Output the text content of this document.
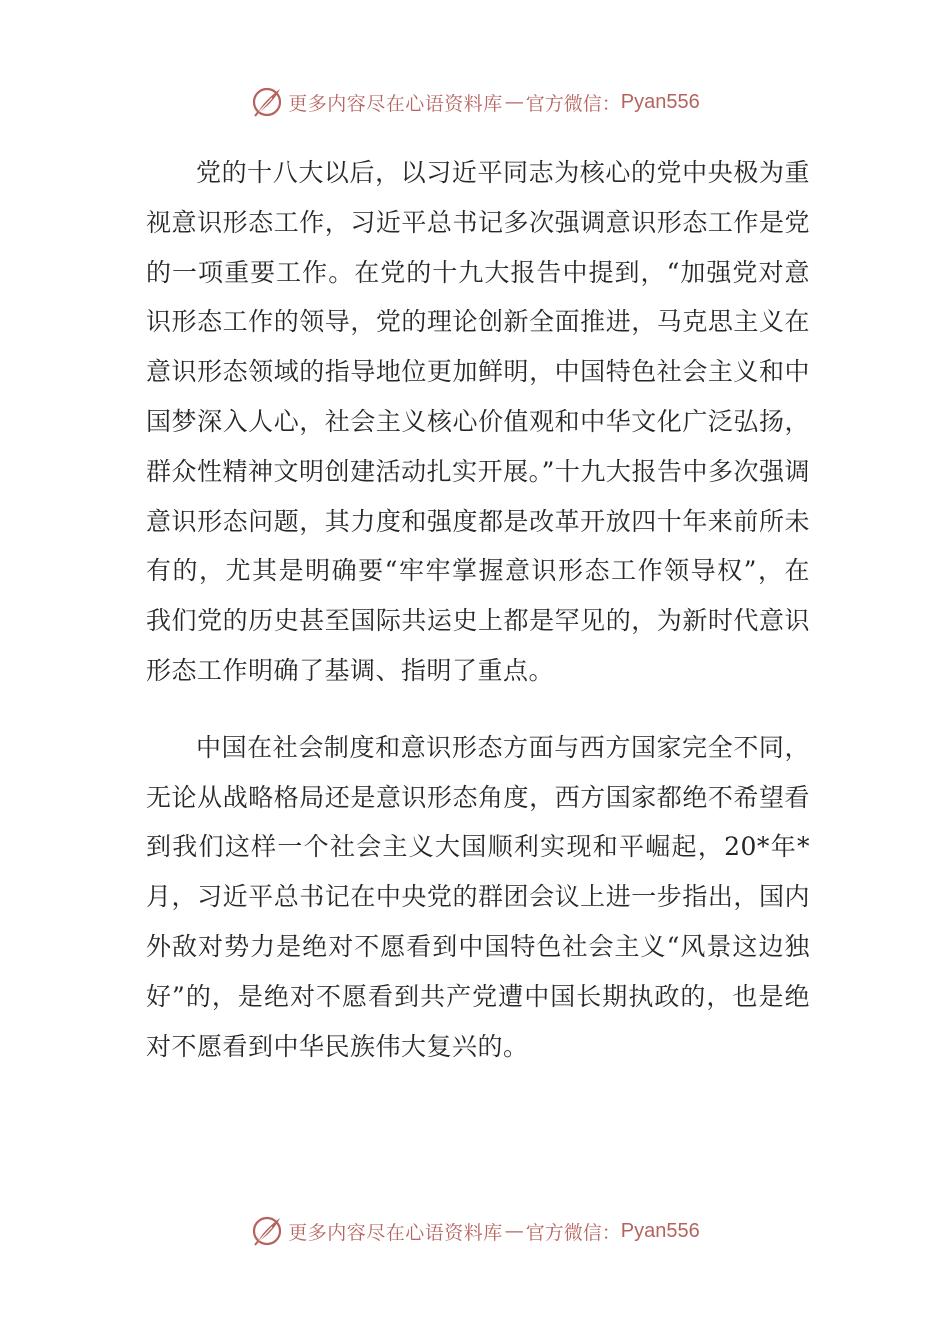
更多内容尽在心语资料库 — 官方微信： Pyan556

党的十八大以后，以习近平同志为核心的党中央极为重视意识形态工作，习近平总书记多次强调意识形态工作是党的一项重要工作。在党的十九大报告中提到，“加强党对意识形态工作的领导，党的理论创新全面推进，马克思主义在意识形态领域的指导地位更加鲜明，中国特色社会主义和中国梦深入人心，社会主义核心价值观和中华文化广泛弘扬，群众性精神文明创建活动扎实开展。”十九大报告中多次强调意识形态问题，其力度和强度都是改革开放四十年来前所未有的，尤其是明确要“牢牢掌握意识形态工作领导权”，在我们党的历史甚至国际共运史上都是罕见的，为新时代意识形态工作明确了基调、指明了重点。

中国在社会制度和意识形态方面与西方国家完全不同，无论从战略格局还是意识形态角度，西方国家都绝不希望看到我们这样一个社会主义大国顺利实现和平崛起，20*年*月，习近平总书记在中央党的群团会议上进一步指出，国内外敌对势力是绝对不愿看到中国特色社会主义“风景这边独好”的，是绝对不愿看到共产党遭中国长期执政的，也是绝对不愿看到中华民族伟大复兴的。

更多内容尽在心语资料库 — 官方微信： Pyan556
